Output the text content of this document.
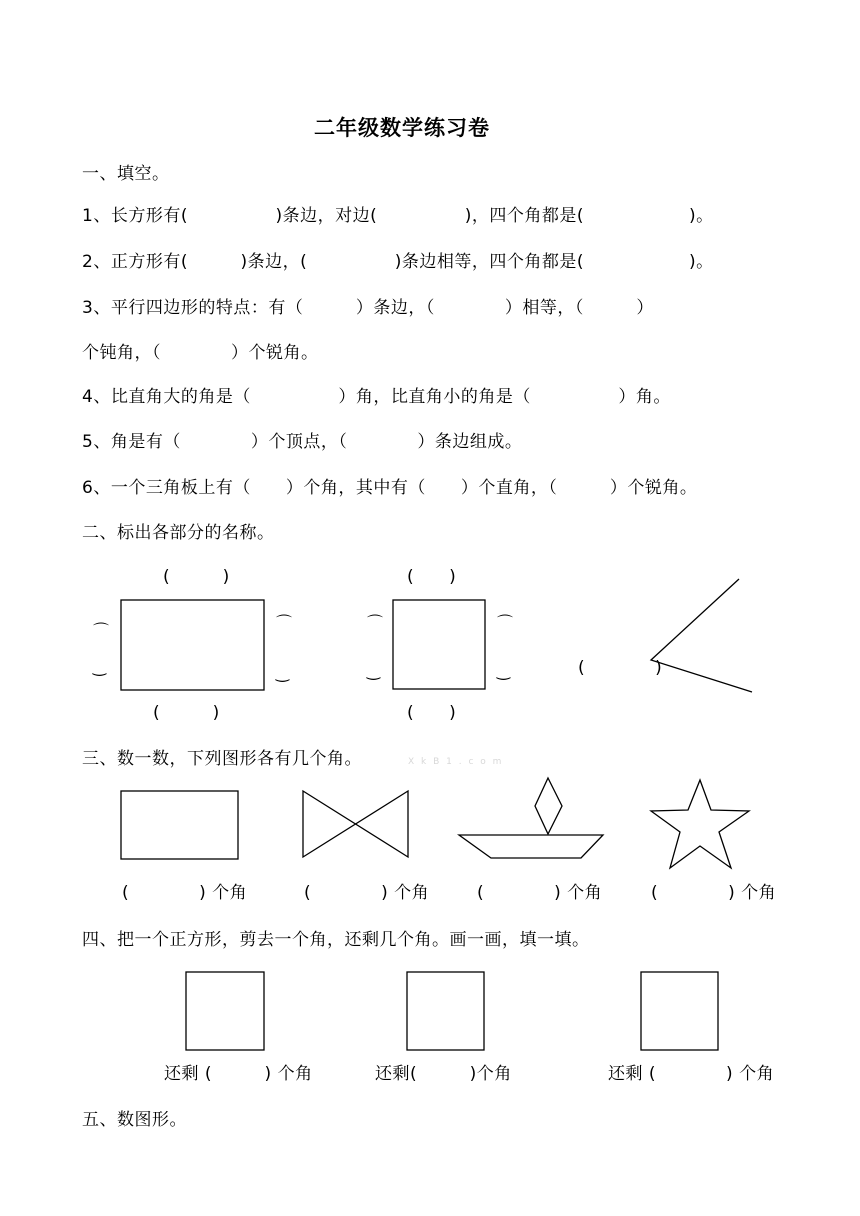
二年级数学练习卷
一、填空。
1、长方形有(　　　　　)条边，对边(　　　　　)，四个角都是(　　　　　　)。
2、正方形有(　　　)条边，(　　　　　)条边相等，四个角都是(　　　　　　)。
3、平行四边形的特点：有（　　　）条边，（　　　　）相等，（　　　）
个钝角，（　　　　）个锐角。
4、比直角大的角是（　　　　　）角，比直角小的角是（　　　　　）角。
5、角是有（　　　　）个顶点，（　　　　）条边组成。
6、一个三角板上有（　　）个角，其中有（　　）个直角，（　　　）个锐角。
二、标出各部分的名称。
(　　　)
⌒
‿
⌒
‿
(　　　)
(　　)
⌒
‿
⌒
‿
(　　)
(　　　　)
三、数一数，下列图形各有几个角。	X k B 1 . c o m
(　　　　) 个角	(　　　　) 个角	(　　　　) 个角	(　　　　) 个角
四、把一个正方形，剪去一个角，还剩几个角。画一画，填一填。
还剩 (　　　) 个角	还剩(　　　)个角	还剩 (　　　　) 个角
五、数图形。
